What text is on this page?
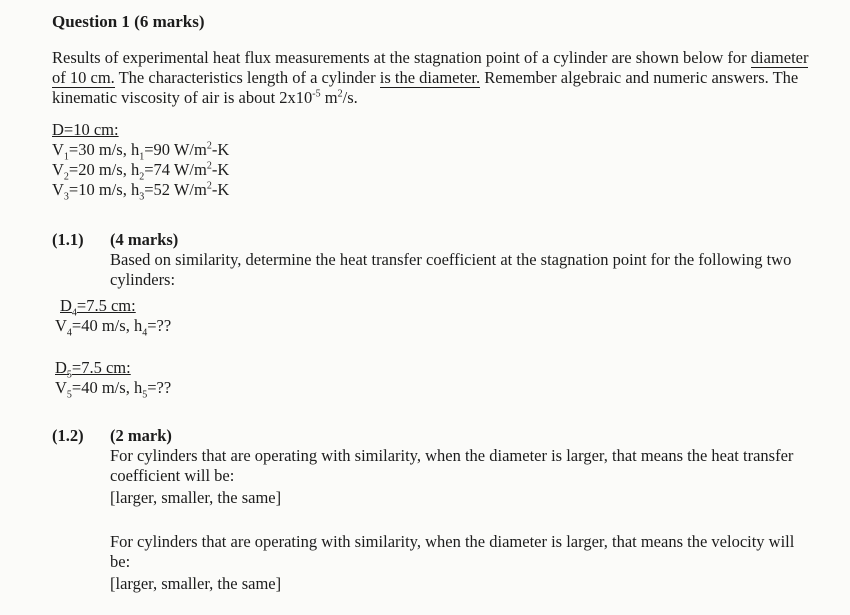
Question 1 (6 marks)
Results of experimental heat flux measurements at the stagnation point of a cylinder are shown below for diameter of 10 cm. The characteristics length of a cylinder is the diameter. Remember algebraic and numeric answers. The kinematic viscosity of air is about $2x10^{-5}$ $m^2/s$.
D=10 cm:
$V_1=30$ m/s, $h_1=90$ $W/m^2-K$
$V_2=20$ m/s, $h_2=74$ $W/m^2-K$
$V_3=10$ m/s, $h_3=52$ $W/m^2-K$
(1.1) (4 marks)
Based on similarity, determine the heat transfer coefficient at the stagnation point for the following two cylinders:
$D_4=7.5$ cm:
$V_4=40$ m/s, $h_4=$??
$D_5=7.5$ cm:
$V_5=40$ m/s, $h_5=$??
(1.2) (2 mark)
For cylinders that are operating with similarity, when the diameter is larger, that means the heat transfer coefficient will be:
[larger, smaller, the same]
For cylinders that are operating with similarity, when the diameter is larger, that means the velocity will be:
[larger, smaller, the same]
